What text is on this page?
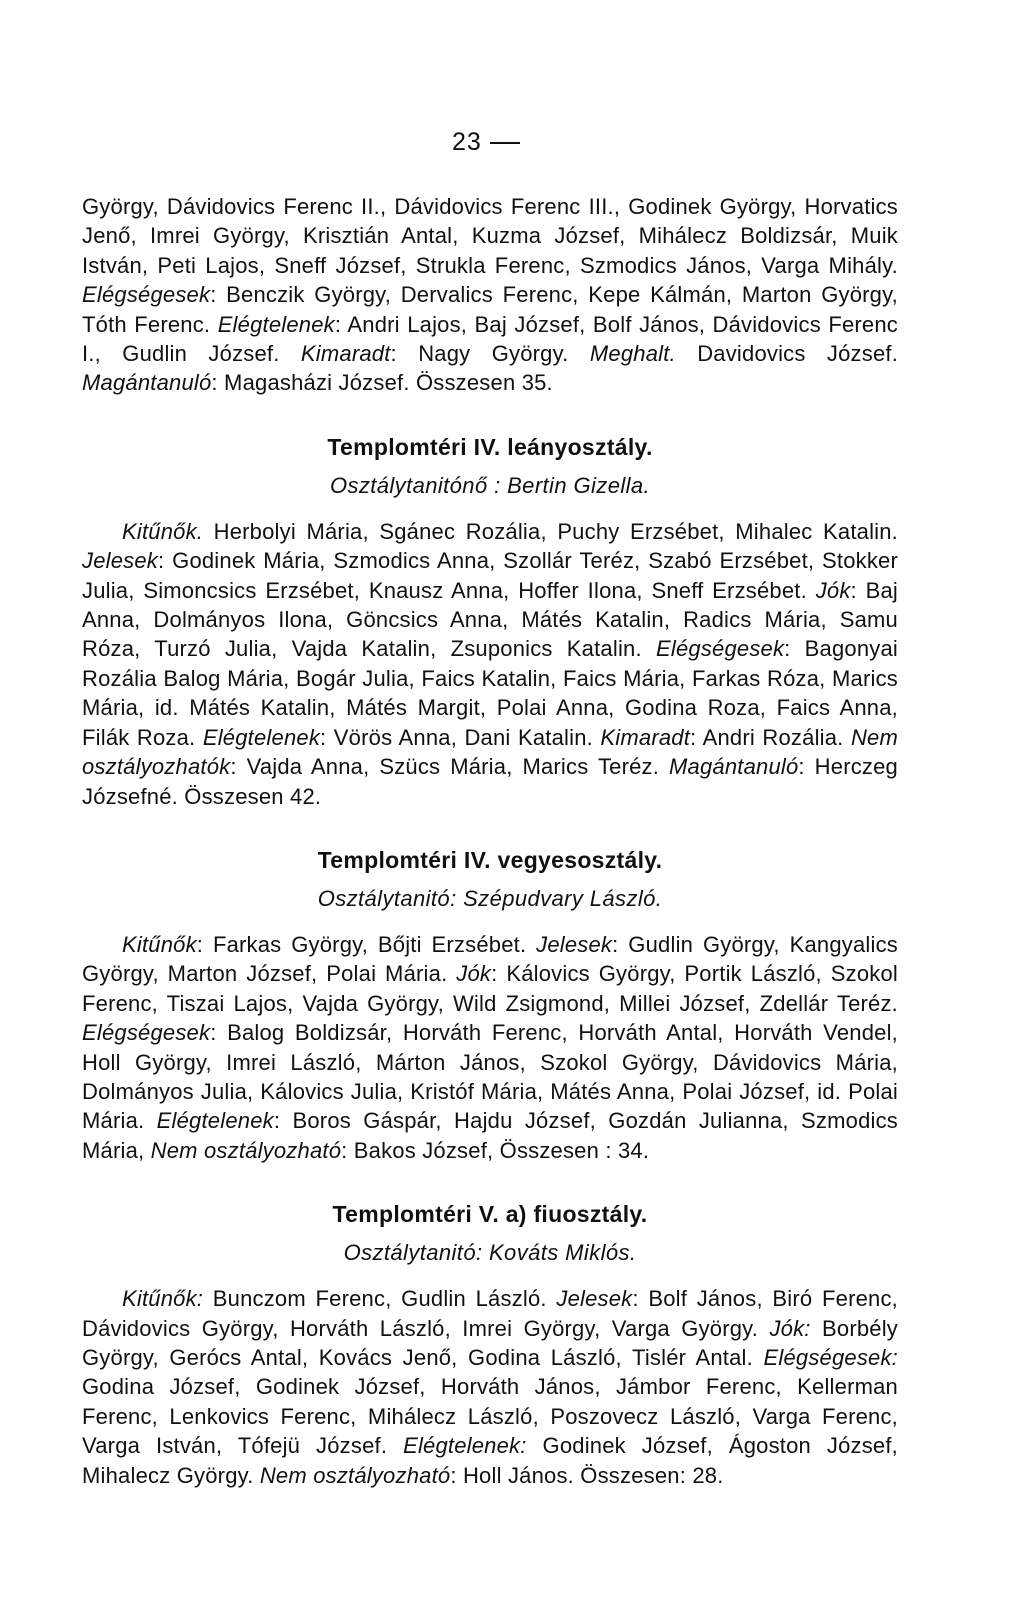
23

György, Dávidovics Ferenc II., Dávidovics Ferenc III., Godinek György, Horvatics Jenő, Imrei György, Krisztián Antal, Kuzma József, Mihálecz Boldizsár, Muik István, Peti Lajos, Sneff József, Strukla Ferenc, Szmodics János, Varga Mihály. Elégségesek: Benczik György, Dervalics Ferenc, Kepe Kálmán, Marton György, Tóth Ferenc. Elégtelenek: Andri Lajos, Baj József, Bolf János, Dávidovics Ferenc I., Gudlin József. Kimaradt: Nagy György. Meghalt. Davidovics József. Magántanuló: Magasházi József. Összesen 35.

Templomtéri IV. leányosztály.
Osztálytanitónő : Bertin Gizella.

Kitűnők. Herbolyi Mária, Sgánec Rozália, Puchy Erzsébet, Mihalec Katalin. Jelesek: Godinek Mária, Szmodics Anna, Szollár Teréz, Szabó Erzsébet, Stokker Julia, Simoncsics Erzsébet, Knausz Anna, Hoffer Ilona, Sneff Erzsébet. Jók: Baj Anna, Dolmányos Ilona, Göncsics Anna, Mátés Katalin, Radics Mária, Samu Róza, Turzó Julia, Vajda Katalin, Zsuponics Katalin. Elégségesek: Bagonyai Rozália Balog Mária, Bogár Julia, Faics Katalin, Faics Mária, Farkas Róza, Marics Mária, id. Mátés Katalin, Mátés Margit, Polai Anna, Godina Roza, Faics Anna, Filák Roza. Elégtelenek: Vörös Anna, Dani Katalin. Kimaradt: Andri Rozália. Nem osztályozhatók: Vajda Anna, Szücs Mária, Marics Teréz. Magántanuló: Herczeg Józsefné. Összesen 42.

Templomtéri IV. vegyesosztály.
Osztálytanitó: Szépudvary László.

Kitűnők: Farkas György, Bőjti Erzsébet. Jelesek: Gudlin György, Kangyalics György, Marton József, Polai Mária. Jók: Kálovics György, Portik László, Szokol Ferenc, Tiszai Lajos, Vajda György, Wild Zsigmond, Millei József, Zdellár Teréz. Elégségesek: Balog Boldizsár, Horváth Ferenc, Horváth Antal, Horváth Vendel, Holl György, Imrei László, Márton János, Szokol György, Dávidovics Mária, Dolmányos Julia, Kálovics Julia, Kristóf Mária, Mátés Anna, Polai József, id. Polai Mária. Elégtelenek: Boros Gáspár, Hajdu József, Gozdán Julianna, Szmodics Mária, Nem osztályozható: Bakos József, Összesen : 34.

Templomtéri V. a) fiuosztály.
Osztálytanitó: Kováts Miklós.

Kitűnők: Bunczom Ferenc, Gudlin László. Jelesek: Bolf János, Biró Ferenc, Dávidovics György, Horváth László, Imrei György, Varga György. Jók: Borbély György, Gerócs Antal, Kovács Jenő, Godina László, Tislér Antal. Elégségesek: Godina József, Godinek József, Horváth János, Jámbor Ferenc, Kellerman Ferenc, Lenkovics Ferenc, Mihálecz László, Poszovecz László, Varga Ferenc, Varga István, Tófejü József. Elégtelenek: Godinek József, Ágoston József, Mihalecz György. Nem osztályozható: Holl János. Összesen: 28.
